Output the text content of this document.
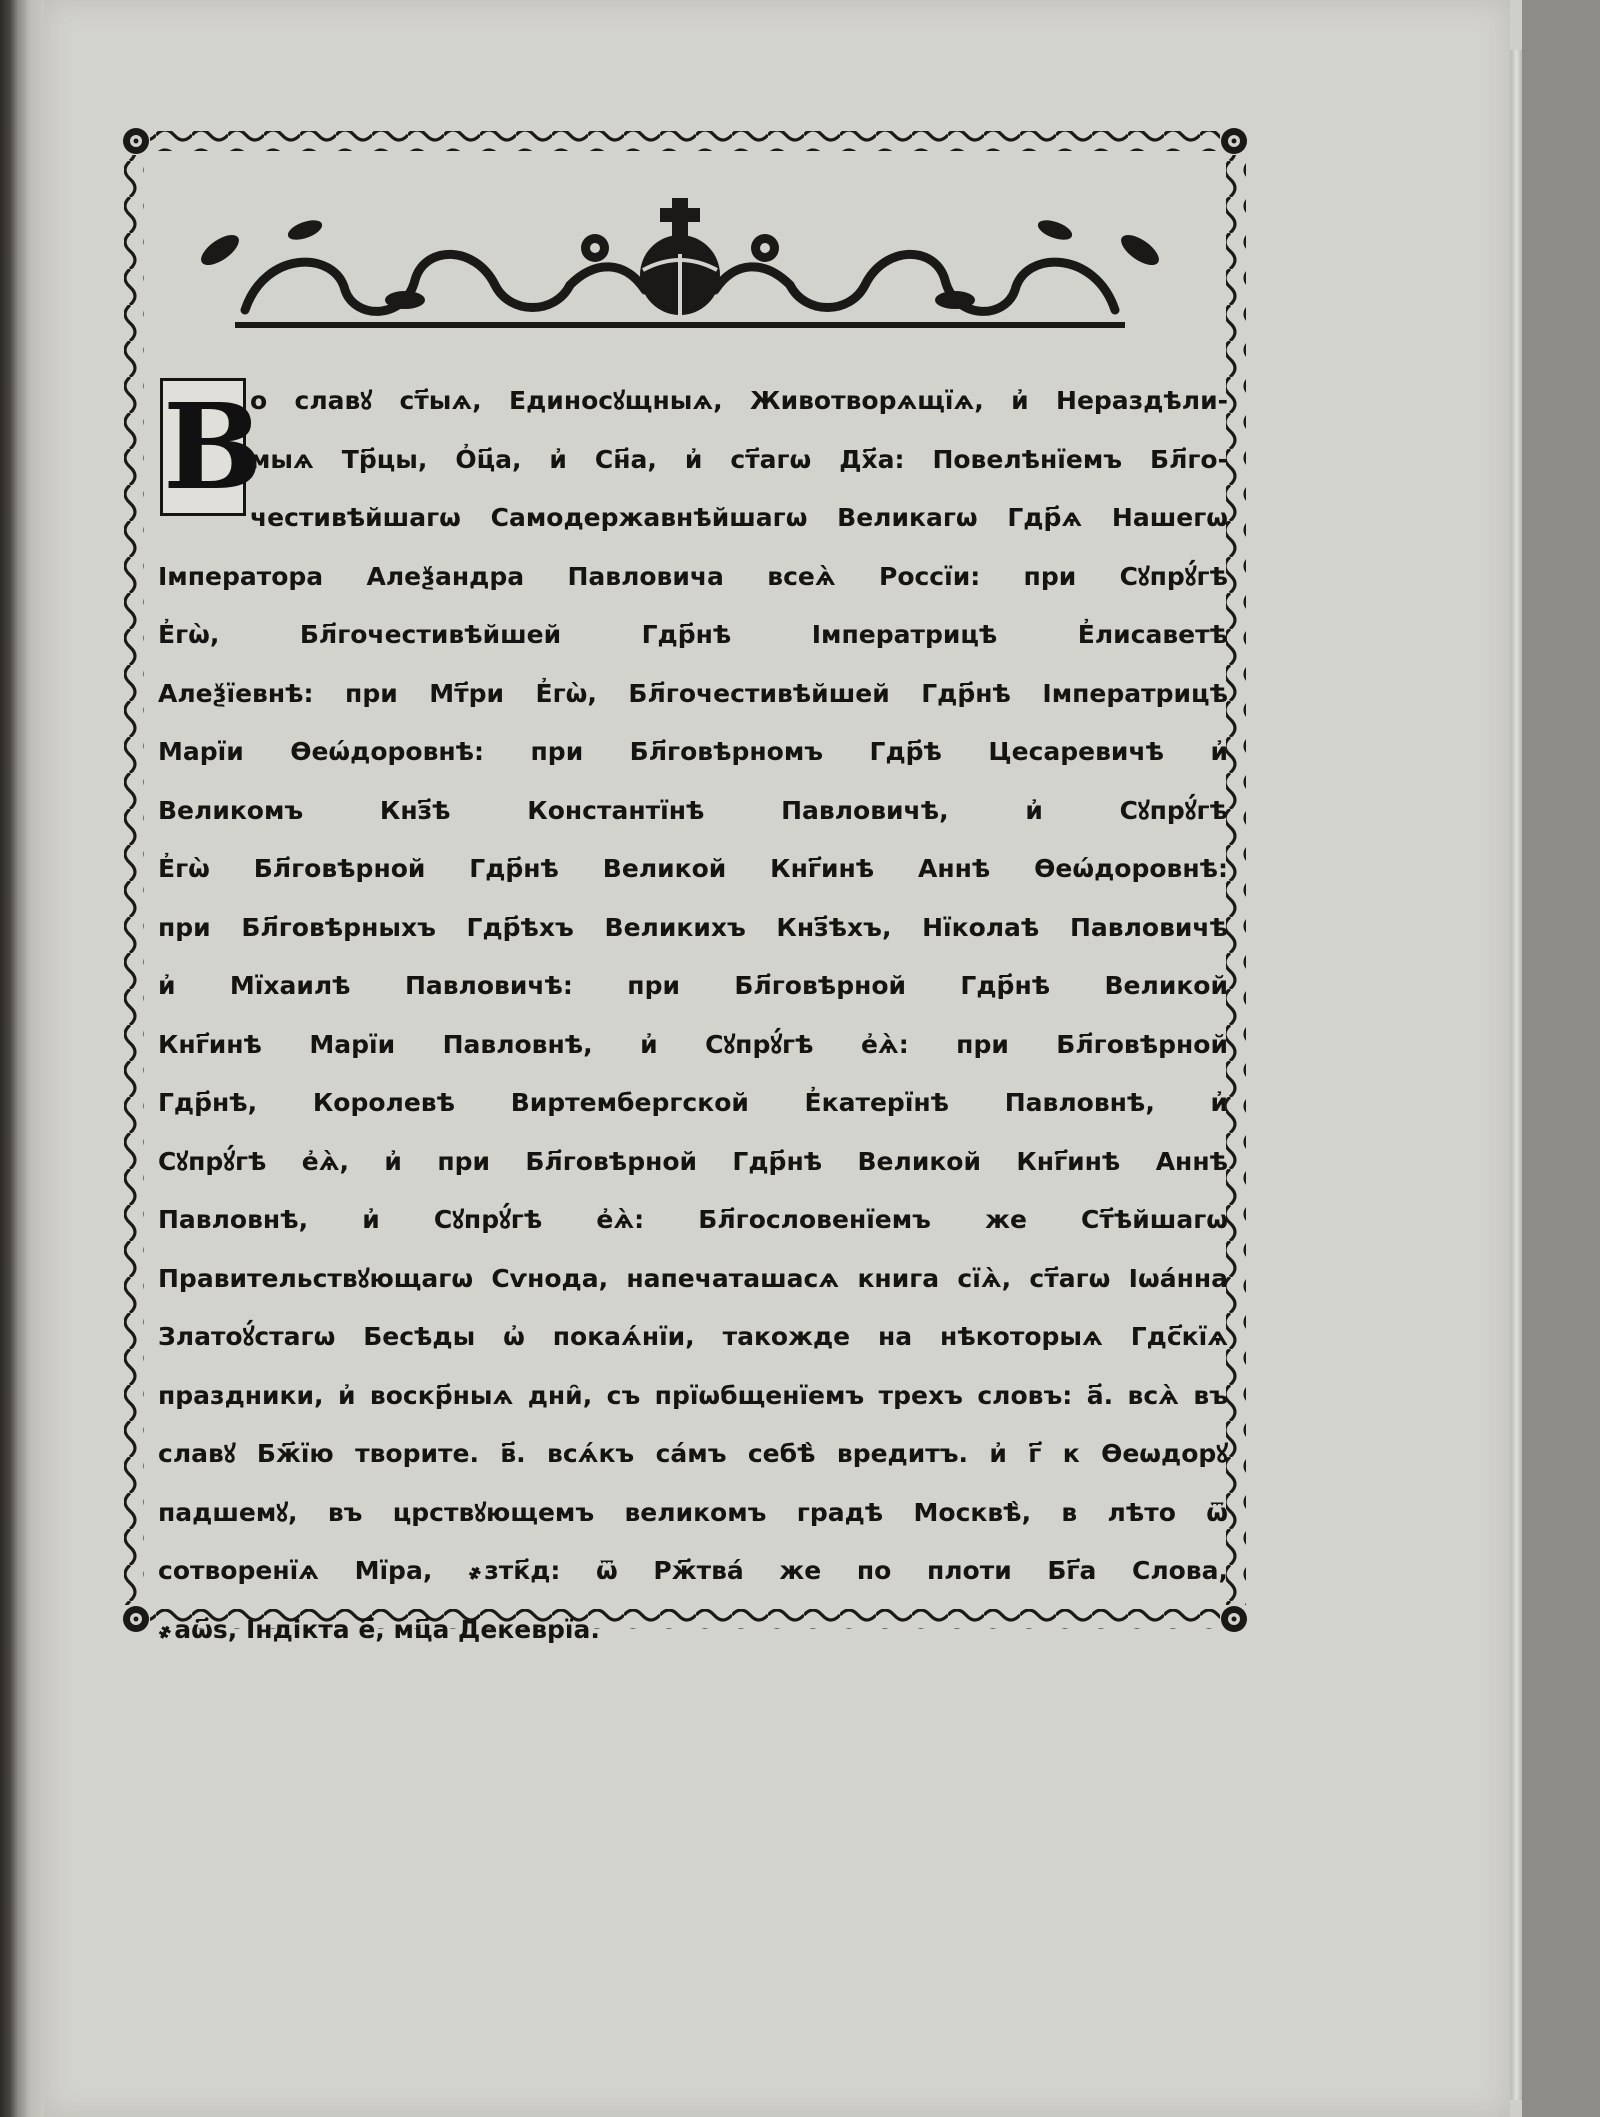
В
о славꙋ ст҃ыѧ, Единосꙋщныѧ, Животворѧщїѧ, и҆ Нераздѣли-
мыѧ Тр҃цы, О҆ц҃а, и҆ Сн҃а, и҆ ст҃агѡ Дх҃а: Повелѣнїемъ Бл҃го-
честивѣйшагѡ Самодержавнѣйшагѡ Великагѡ Гдр҃ѧ Нашегѡ
Імператора Алеѯандра Павловича всеѧ̀ Россїи: при Сꙋпрꙋ́гѣ
Е҆гѡ̀, Бл҃гочестивѣйшей Гдр҃нѣ Імператрицѣ Е҆лисаветѣ
Алеѯїевнѣ: при Мт҃ри Е҆гѡ̀, Бл҃гочестивѣйшей Гдр҃нѣ Імператрицѣ
Марїи Ѳеѡ́доровнѣ: при Бл҃говѣрномъ Гдр҃ѣ Цесаревичѣ и҆
Великомъ Кнз҃ѣ Константїнѣ Павловичѣ, и҆ Сꙋпрꙋ́гѣ
Е҆гѡ̀ Бл҃говѣрной Гдр҃нѣ Великой Кнг҃инѣ Аннѣ Ѳеѡ́доровнѣ:
при Бл҃говѣрныхъ Гдр҃ѣхъ Великихъ Кнз҃ѣхъ, Нїколаѣ Павловичѣ
и҆ Мїхаилѣ Павловичѣ: при Бл҃говѣрной Гдр҃нѣ Великой
Кнг҃инѣ Марїи Павловнѣ, и҆ Сꙋпрꙋ́гѣ е҆ѧ̀: при Бл҃говѣрной
Гдр҃нѣ, Королевѣ Виртембергской Е҆катерїнѣ Павловнѣ, и҆
Сꙋпрꙋ́гѣ е҆ѧ̀, и҆ при Бл҃говѣрной Гдр҃нѣ Великой Кнг҃инѣ Аннѣ
Павловнѣ, и҆ Сꙋпрꙋ́гѣ е҆ѧ̀: Бл҃гословенїемъ же Ст҃ѣйшагѡ
Правительствꙋющагѡ Сѵнода, напечаташасѧ книга сїѧ̀, ст҃агѡ Іѡа́нна
Златоꙋ́стагѡ Бесѣды ѡ҆ покаѧ́нїи, такожде на нѣкоторыѧ Гдс҃кїѧ
праздники, и҆ воскр҃ныѧ дни̑, съ прїѡбщенїемъ трехъ словъ: а҃. всѧ̀ въ
славꙋ Бж҃їю творите. в҃. всѧ́къ са́мъ себѣ̀ вредитъ. и҆ г҃ к Ѳеѡдорꙋ
падшемꙋ, въ црcтвꙋющемъ великомъ градѣ Москвѣ̀, в лѣто ѿ
сотворенїѧ Мїра, ҂зтк҃д: ѿ Рж҃тва́ же по плоти Бг҃а Слова,
҂аѡ҃ѕ, Індікта е҃, мц҃а Декеврїа.
